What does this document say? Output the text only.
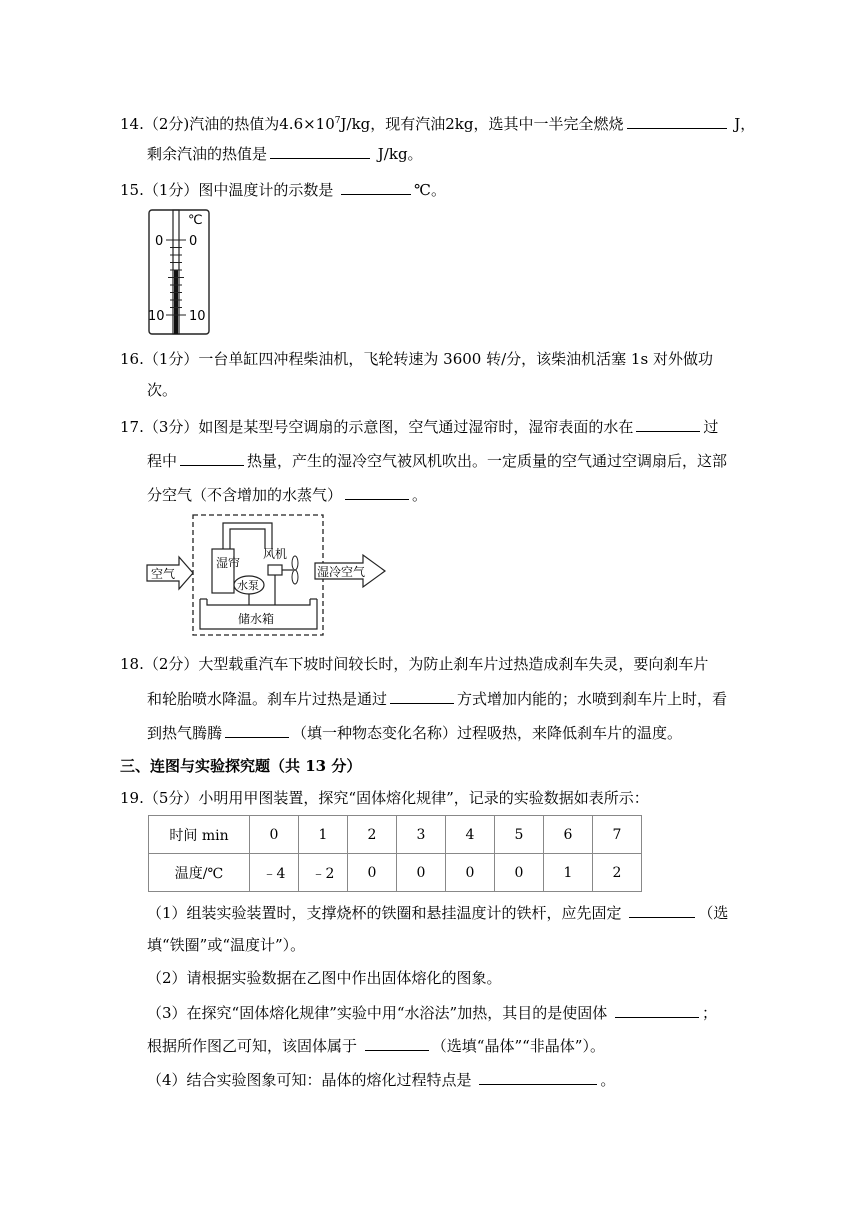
14.（2分)汽油的热值为$4.6\times 10^7J/kg$，现有汽油2kg，选其中一半完全燃烧	J，
剩余汽油的热值是	J/kg。
15.（1分）图中温度计的示数是	℃。
℃
0 0
10 10
16.（1分）一台单缸四冲程柴油机，飞轮转速为 3600 转/分，该柴油机活塞 1s 对外做功
次。
17.（3分）如图是某型号空调扇的示意图，空气通过湿帘时，湿帘表面的水在	过
程中	热量，产生的湿冷空气被风机吹出。一定质量的空气通过空调扇后，这部
分空气（不含增加的水蒸气）	。
空气	湿冷空气
湿帘
水泵
风机
储水箱
18.（2分）大型载重汽车下坡时间较长时，为防止刹车片过热造成刹车失灵，要向刹车片
和轮胎喷水降温。刹车片过热是通过	方式增加内能的；水喷到刹车片上时，看
到热气腾腾	（填一种物态变化名称）过程吸热，来降低刹车片的温度。
三、连图与实验探究题（共 13 分）
19.（5分）小明用甲图装置，探究“固体熔化规律”，记录的实验数据如表所示：
时间 min	0	1	2	3	4	5	6	7
温度/℃	﹣4	﹣2	0	0	0	0	1	2
（1）组装实验装置时，支撑烧杯的铁圈和悬挂温度计的铁杆，应先固定	（选
填“铁圈”或“温度计”）。
（2）请根据实验数据在乙图中作出固体熔化的图象。
（3）在探究“固体熔化规律”实验中用“水浴法”加热，其目的是使固体	；
根据所作图乙可知，该固体属于	（选填“晶体”“非晶体”）。
（4）结合实验图象可知：晶体的熔化过程特点是	。
